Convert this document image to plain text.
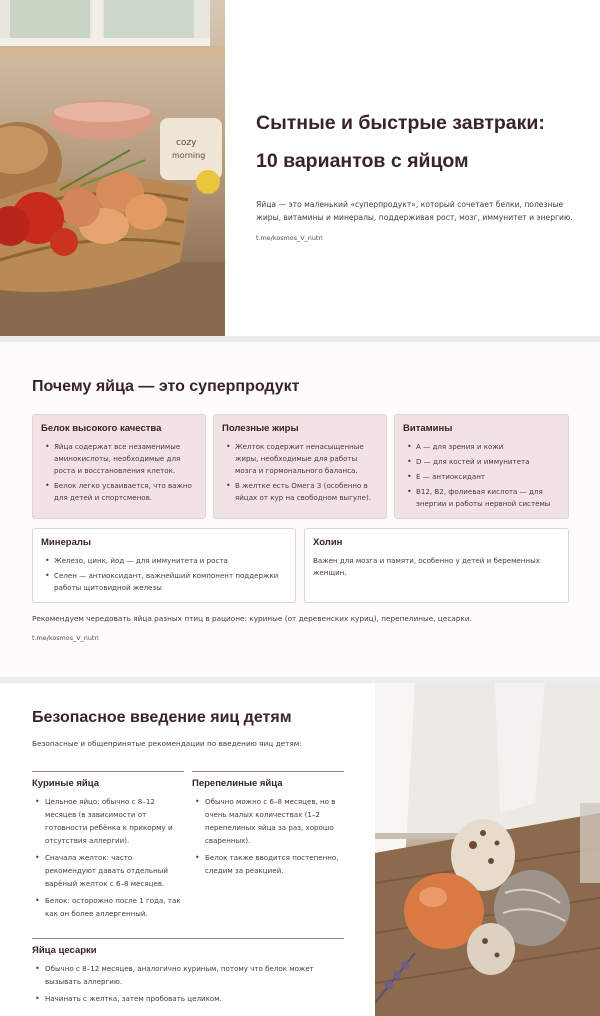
cozy
morning
Сытные и быстрые завтраки:
10 вариантов с яйцом

Яйца — это маленький «суперпродукт», который сочетает белки, полезные жиры, витамины и минералы, поддерживая рост, мозг, иммунитет и энергию.

t.me/kosmos_V_nutri

Почему яйца — это суперпродукт
Белок высокого качества
• Яйца содержат все незаменимые аминокислоты, необходимые для роста и восстановления клеток.
• Белок легко усваивается, что важно для детей и спортсменов.
Полезные жиры
• Желток содержит ненасыщенные жиры, необходимые для работы мозга и гормонального баланса.
• В желтке есть Омега 3 (особенно в яйцах от кур на свободном выгуле).
Витамины
• А — для зрения и кожи
• D — для костей и иммунитета
• Е — антиоксидант
• В12, В2, фолиевая кислота — для энергии и работы нервной системы
Минералы
• Железо, цинк, йод — для иммунитета и роста
• Селен — антиоксидант, важнейший компонент поддержки работы щитовидной железы
Холин

Важен для мозга и памяти, особенно у детей и беременных женщин.

Рекомендуем чередовать яйца разных птиц в рационе: куриные (от деревенских куриц), перепелиные, цесарки.

t.me/kosmos_V_nutri

Безопасное введение яиц детям

Безопасные и общепринятые рекомендации по введению яиц детям:

Куриные яйца
• Цельное яйцо: обычно с 8–12 месяцев (в зависимости от готовности ребёнка к прикорму и отсутствия аллергии).
• Сначала желток: часто рекомендуют давать отдельный варёный желток с 6–8 месяцев.
• Белок: осторожно после 1 года, так как он более аллергенный.
Перепелиные яйца
• Обычно можно с 6–8 месяцев, но в очень малых количествах (1–2 перепелиных яйца за раз, хорошо сваренных).
• Белок также вводится постепенно, следим за реакцией.
Яйца цесарки
• Обычно с 8–12 месяцев, аналогично куриным, потому что белок может вызывать аллергию.
• Начинать с желтка, затем пробовать целиком.
